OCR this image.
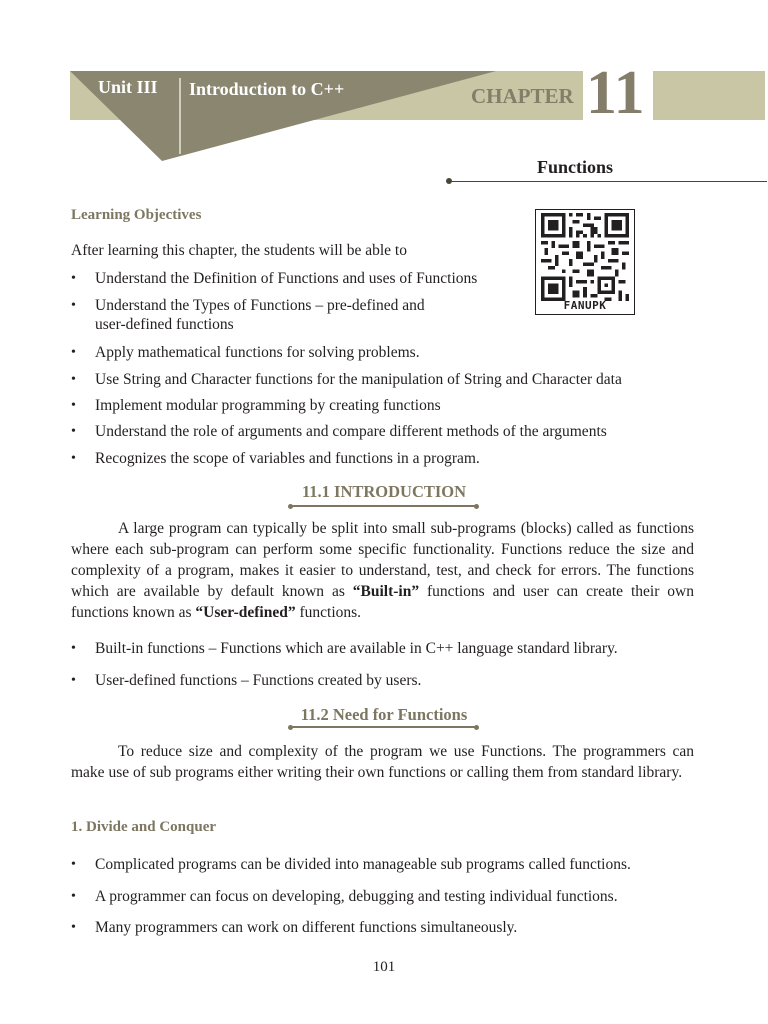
Unit III Introduction to C++	CHAPTER 11
Functions
FANUPK
Learning Objectives
After learning this chapter, the students will be able to
• Understand the Definition of Functions and uses of Functions
• Understand the Types of Functions – pre-defined and
• Apply mathematical functions for solving problems.
• Use String and Character functions for the manipulation of String and Character data
• Implement modular programming by creating functions
• Understand the role of arguments and compare different methods of the arguments
• Recognizes the scope of variables and functions in a program.
user-defined functions
11.1 INTRODUCTION

A large program can typically be split into small sub-programs (blocks) called as functions where each sub-program can perform some specific functionality. Functions reduce the size and complexity of a program, makes it easier to understand, test, and check for errors. The functions which are available by default known as “Built-in” functions and user can create their own functions known as “User-defined” functions.

• Built-in functions – Functions which are available in C++ language standard library.
• User-defined functions – Functions created by users.
11.2 Need for Functions

To reduce size and complexity of the program we use Functions. The programmers can make use of sub programs either writing their own functions or calling them from standard library.

1. Divide and Conquer
• Complicated programs can be divided into manageable sub programs called functions.
• A programmer can focus on developing, debugging and testing individual functions.
• Many programmers can work on different functions simultaneously.
101
